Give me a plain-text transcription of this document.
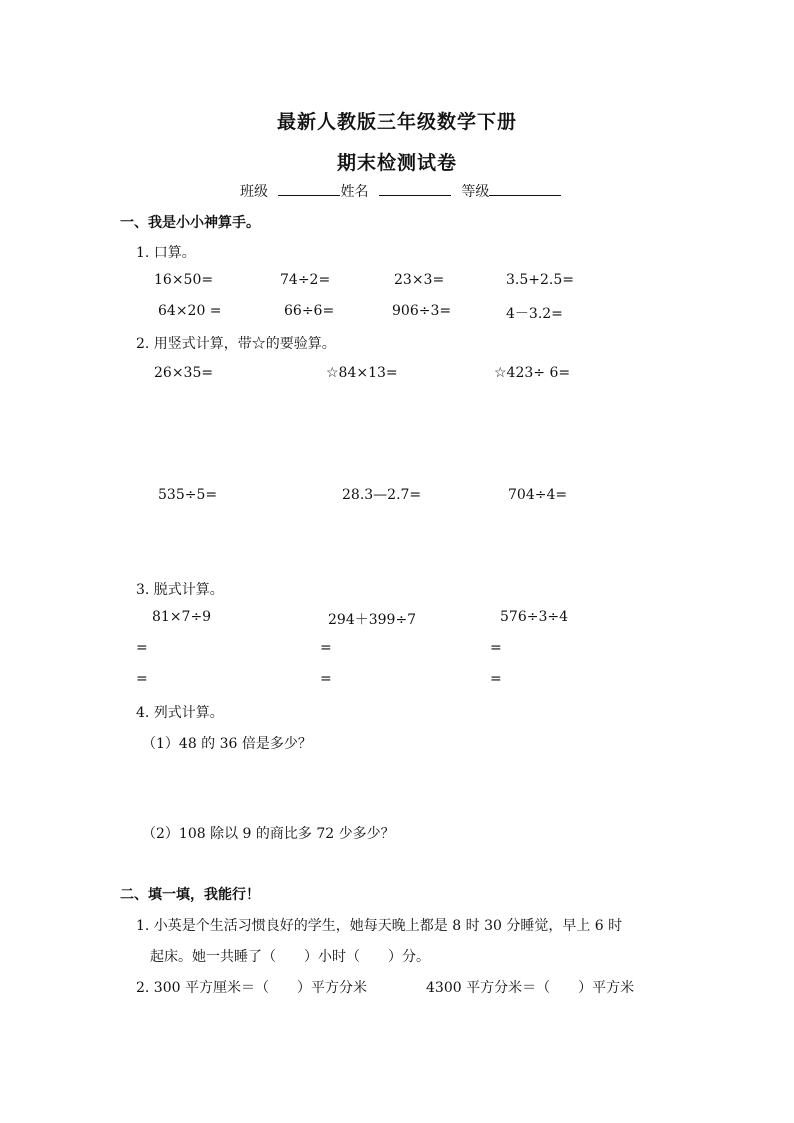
最新人教版三年级数学下册
期末检测试卷
班级	姓名	等级
一、我是小小神算手。
1. 口算。
16×50=	74÷2=	23×3=	3.5+2.5=
64×20 =	66÷6=	906÷3=	4－3.2=
2. 用竖式计算，带☆的要验算。
26×35=	☆84×13=	☆423÷ 6=
535÷5=	28.3—2.7=	704÷4=
3. 脱式计算。
81×7÷9	294＋399÷7	576÷3÷4
=	=	=
=	=	=
4. 列式计算。
（1）48 的 36 倍是多少？
（2）108 除以 9 的商比多 72 少多少？
二、填一填，我能行！
1. 小英是个生活习惯良好的学生，她每天晚上都是 8 时 30 分睡觉，早上 6 时
起床。她一共睡了（　　）小时（　　）分。
2. 300 平方厘米＝（　　）平方分米	4300 平方分米＝（　　）平方米
